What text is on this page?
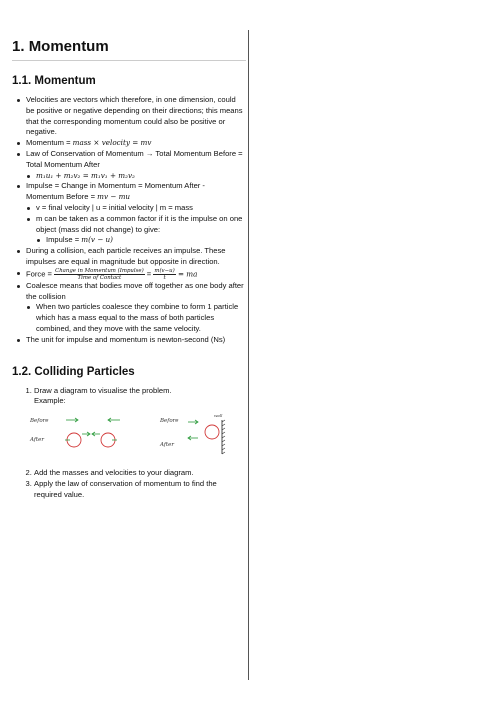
1. Momentum
1.1. Momentum
Velocities are vectors which therefore, in one dimension, could be positive or negative depending on their directions; this means that the corresponding momentum could also be positive or negative.
Momentum = mass × velocity = mv
Law of Conservation of Momentum → Total Momentum Before = Total Momentum After
m₁u₁ + m₂v₂ = m₁v₁ + m₂v₂
Impulse = Change in Momentum = Momentum After - Momentum Before = mv − mu
v = final velocity | u = initial velocity | m = mass
m can be taken as a common factor if it is the impulse on one object (mass did not change) to give:
Impulse = m(v − u)
During a collision, each particle receives an impulse. These impulses are equal in magnitude but opposite in direction.
Force = $\frac{\text{Change in Momentum (Impulse)}}{\text{Time of Contact}} = \frac{m(v-u)}{t}$ = ma
Coalesce means that bodies move off together as one body after the collision
When two particles coalesce they combine to form 1 particle which has a mass equal to the mass of both particles combined, and they move with the same velocity.
The unit for impulse and momentum is newton-second (Ns)
1.2. Colliding Particles
1. Draw a diagram to visualise the problem.
Example:
Before
After
Before
After
wall
2. Add the masses and velocities to your diagram.
3. Apply the law of conservation of momentum to find the required value.
